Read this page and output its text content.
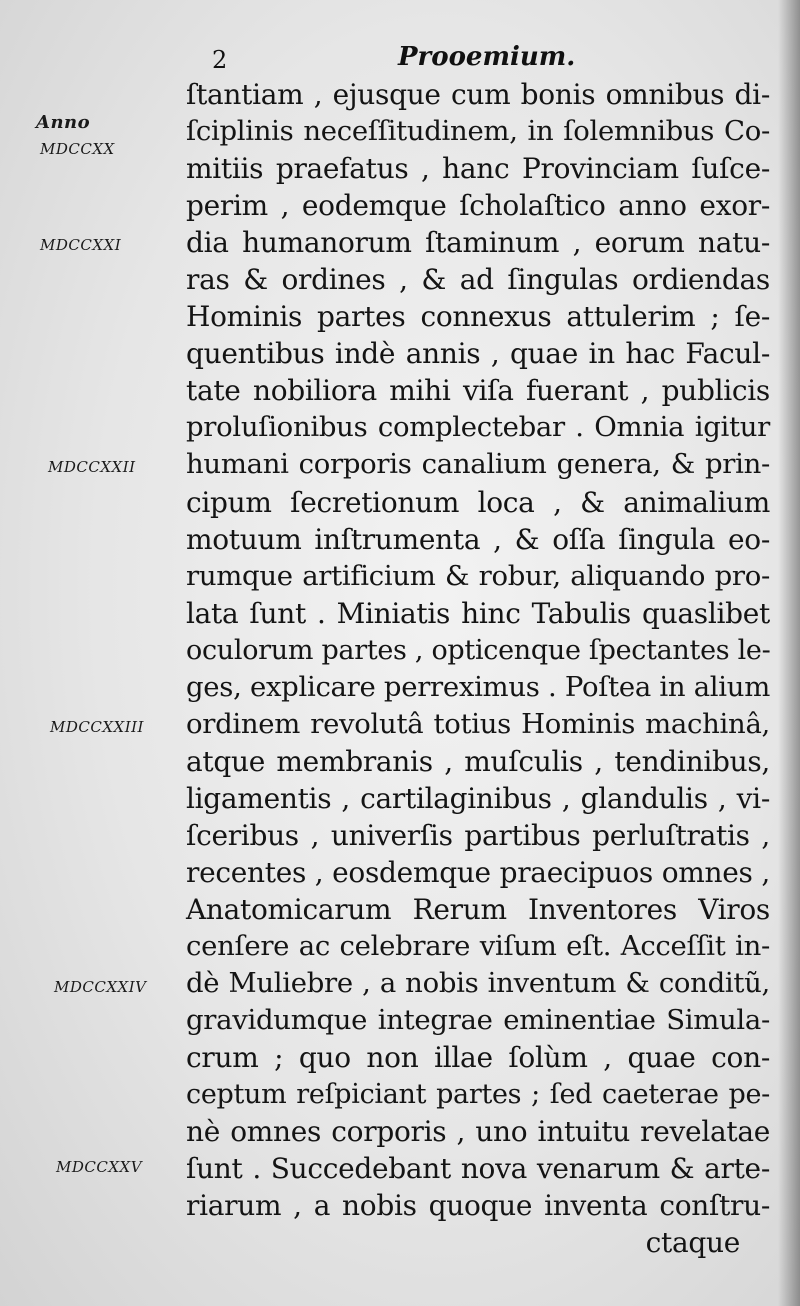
2	Prooemium.
Anno
MDCCXX
MDCCXXI
MDCCXXII
MDCCXXIII
MDCCXXIV
MDCCXXV
ſtantiam , ejusque cum bonis omnibus di-
ſciplinis neceſſitudinem, in ſolemnibus Co-
mitiis praefatus , hanc Provinciam ſuſce-
perim , eodemque ſcholaſtico anno exor-
dia humanorum ſtaminum , eorum natu-
ras & ordines , & ad ſingulas ordiendas
Hominis partes connexus attulerim ; ſe-
quentibus indè annis , quae in hac Facul-
tate nobiliora mihi viſa fuerant , publicis
proluſionibus complectebar . Omnia igitur
humani corporis canalium genera, & prin-
cipum ſecretionum loca , & animalium
motuum inſtrumenta , & oſſa ſingula eo-
rumque artificium & robur, aliquando pro-
lata ſunt . Miniatis hinc Tabulis quaslibet
oculorum partes , opticenque ſpectantes le-
ges, explicare perreximus . Poſtea in alium
ordinem revolutâ totius Hominis machinâ,
atque membranis , muſculis , tendinibus,
ligamentis , cartilaginibus , glandulis , vi-
ſceribus , univerſis partibus perluſtratis ,
recentes , eosdemque praecipuos omnes ,
Anatomicarum Rerum Inventores Viros
cenſere ac celebrare viſum eſt. Acceſſit in-
dè Muliebre , a nobis inventum & conditũ,
gravidumque integrae eminentiae Simula-
crum ; quo non illae ſolùm , quae con-
ceptum reſpiciant partes ; ſed caeterae pe-
nè omnes corporis , uno intuitu revelatae
ſunt . Succedebant nova venarum & arte-
riarum , a nobis quoque inventa conſtru-
ctaque
